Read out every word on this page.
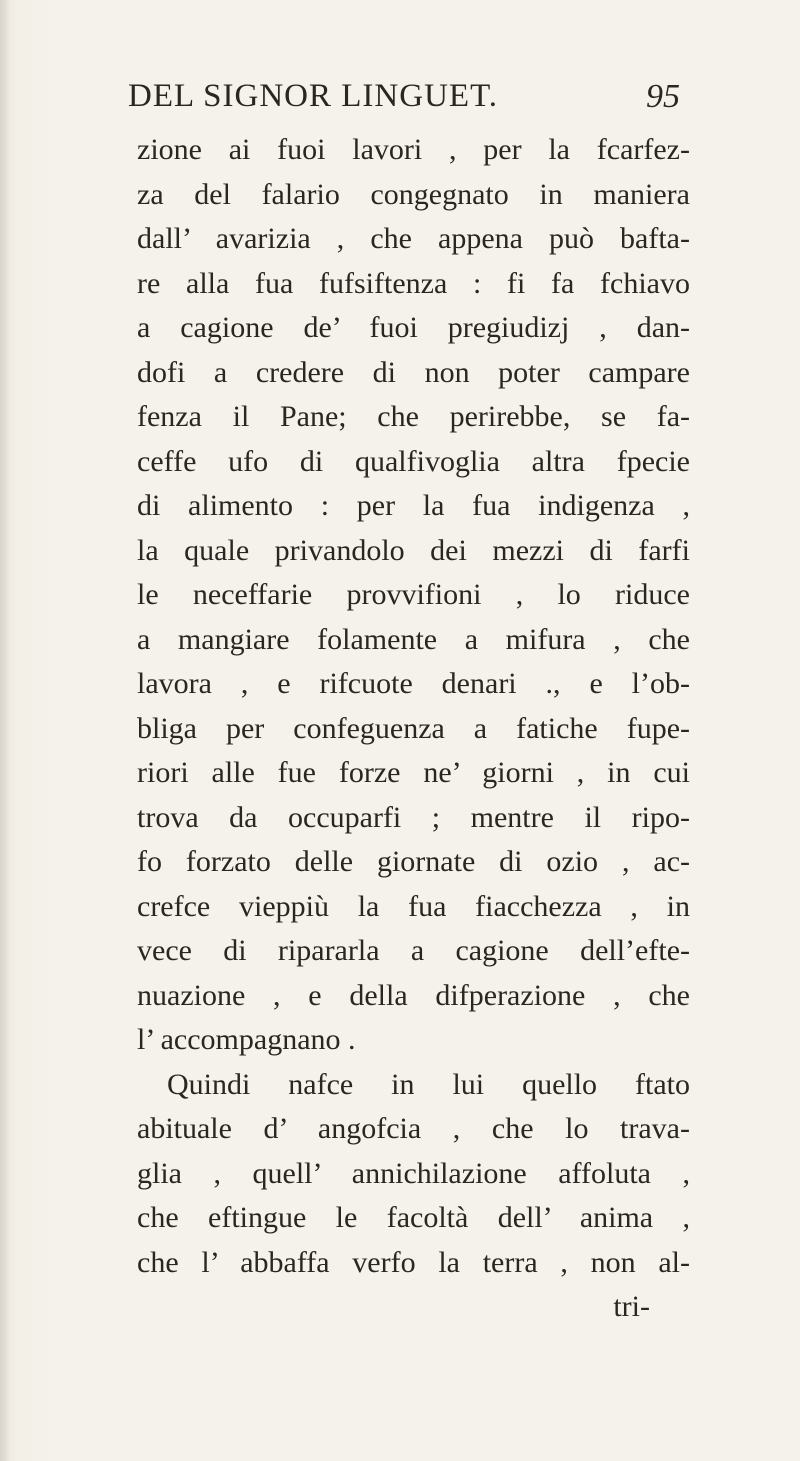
DEL SIGNOR LINGUET.	95
zione ai fuoi lavori , per la fcarfez-
za del falario congegnato in maniera
dall’ avarizia , che appena può bafta-
re alla fua fufsiftenza : fi fa fchiavo
a cagione de’ fuoi pregiudizj , dan-
dofi a credere di non poter campare
fenza il Pane; che perirebbe, se fa-
ceffe ufo di qualfivoglia altra fpecie
di alimento : per la fua indigenza ,
la quale privandolo dei mezzi di farfi
le neceffarie provvifioni , lo riduce
a mangiare folamente a mifura , che
lavora , e rifcuote denari ., e l’ob-
bliga per confeguenza a fatiche fupe-
riori alle fue forze ne’ giorni , in cui
trova da occuparfi ; mentre il ripo-
fo forzato delle giornate di ozio , ac-
crefce vieppiù la fua fiacchezza , in
vece di ripararla a cagione dell’efte-
nuazione , e della difperazione , che
l’ accompagnano .
Quindi nafce in lui quello ftato
abituale d’ angofcia , che lo trava-
glia , quell’ annichilazione affoluta ,
che eftingue le facoltà dell’ anima ,
che l’ abbaffa verfo la terra , non al-
tri-
